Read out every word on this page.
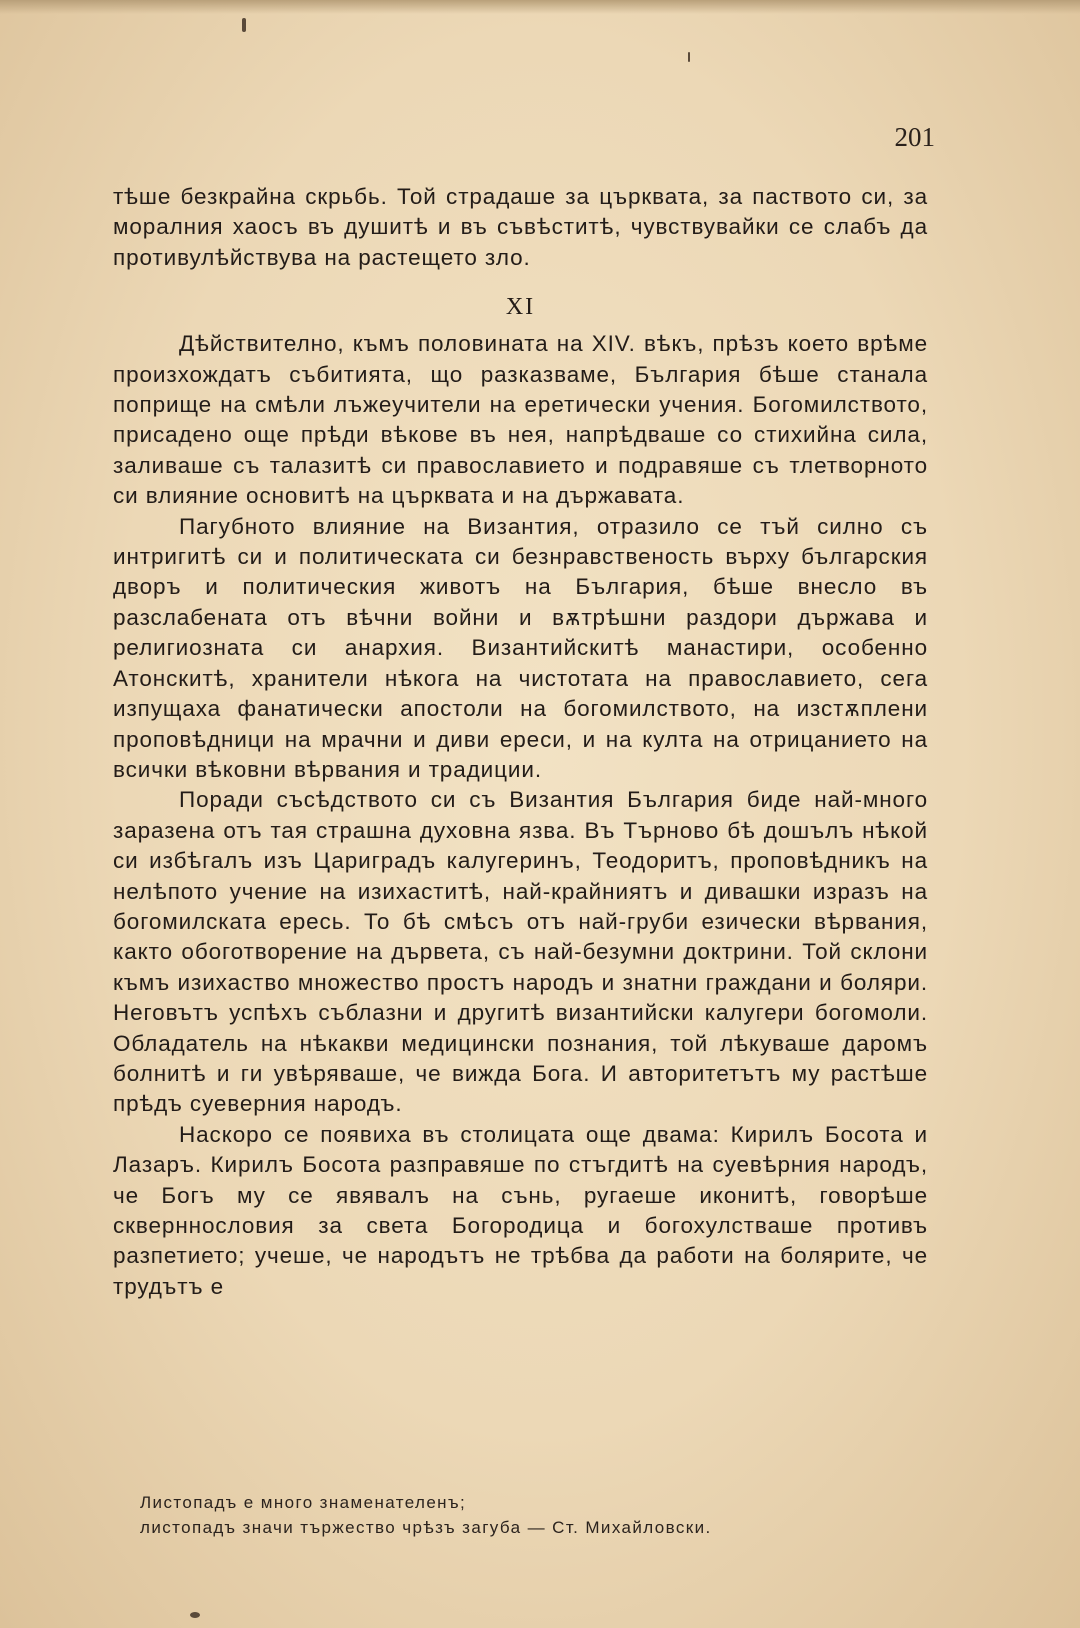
201

тѣше безкрайна скрьбь. Той страдаше за църквата, за паството си, за моралния хаосъ въ душитѣ и въ съвѣститѣ, чувствувайки се слабъ да противулѣйствува на растещето зло.

XI

Дѣйствително, къмъ половината на XIV. вѣкъ, прѣзъ което врѣме произхождатъ събитията, що разказваме, България бѣше станала поприще на смѣли лъжеучители на еретически учения. Богомилството, присадено още прѣди вѣкове въ нея, напрѣдваше со стихийна сила, заливаше съ талазитѣ си православието и подравяше съ тлетворното си влияние основитѣ на църквата и на държавата.

Пагубното влияние на Византия, отразило се тъй силно съ интригитѣ си и политическата си безнравственость върху българския дворъ и политическия животъ на България, бѣше внесло въ разслабената отъ вѣчни войни и вѫтрѣшни раздори държава и религиозната си анархия. Византийскитѣ манастири, особенно Атонскитѣ, хранители нѣкога на чистотата на православието, сега изпущаха фанатически апостоли на богомилството, на изстѫплени проповѣдници на мрачни и диви ереси, и на култа на отрицанието на всички вѣковни вѣрвания и традиции.

Поради съсѣдството си съ Византия България биде най-много заразена отъ тая страшна духовна язва. Въ Търново бѣ дошълъ нѣкой си избѣгалъ изъ Цариградъ калугеринъ, Теодоритъ, проповѣдникъ на нелѣпото учение на изихаститѣ, най-крайниятъ и дивашки изразъ на богомилската ересь. То бѣ смѣсъ отъ най-груби езически вѣрвания, както обоготворение на дървета, съ най-безумни доктрини. Той склони къмъ изихаство множество простъ народъ и знатни граждани и боляри. Неговътъ успѣхъ съблазни и другитѣ византийски калугери богомоли. Обладатель на нѣкакви медицински познания, той лѣкуваше даромъ болнитѣ и ги увѣряваше, че вижда Бога. И авторитетътъ му растѣше прѣдъ суеверния народъ.

Наскоро се появиха въ столицата още двама: Кирилъ Босота и Лазаръ. Кирилъ Босота разправяше по стъгдитѣ на суевѣрния народъ, че Богъ му се явявалъ на сънь, ругаеше иконитѣ, говорѣше скверннословия за света Богородица и богохулстваше противъ разпетието; учеше, че народътъ не трѣбва да работи на болярите, че трудътъ е

Листопадъ е много знаменателенъ;

листопадъ значи тържество чрѣзъ загуба — Ст. Михайловски.
